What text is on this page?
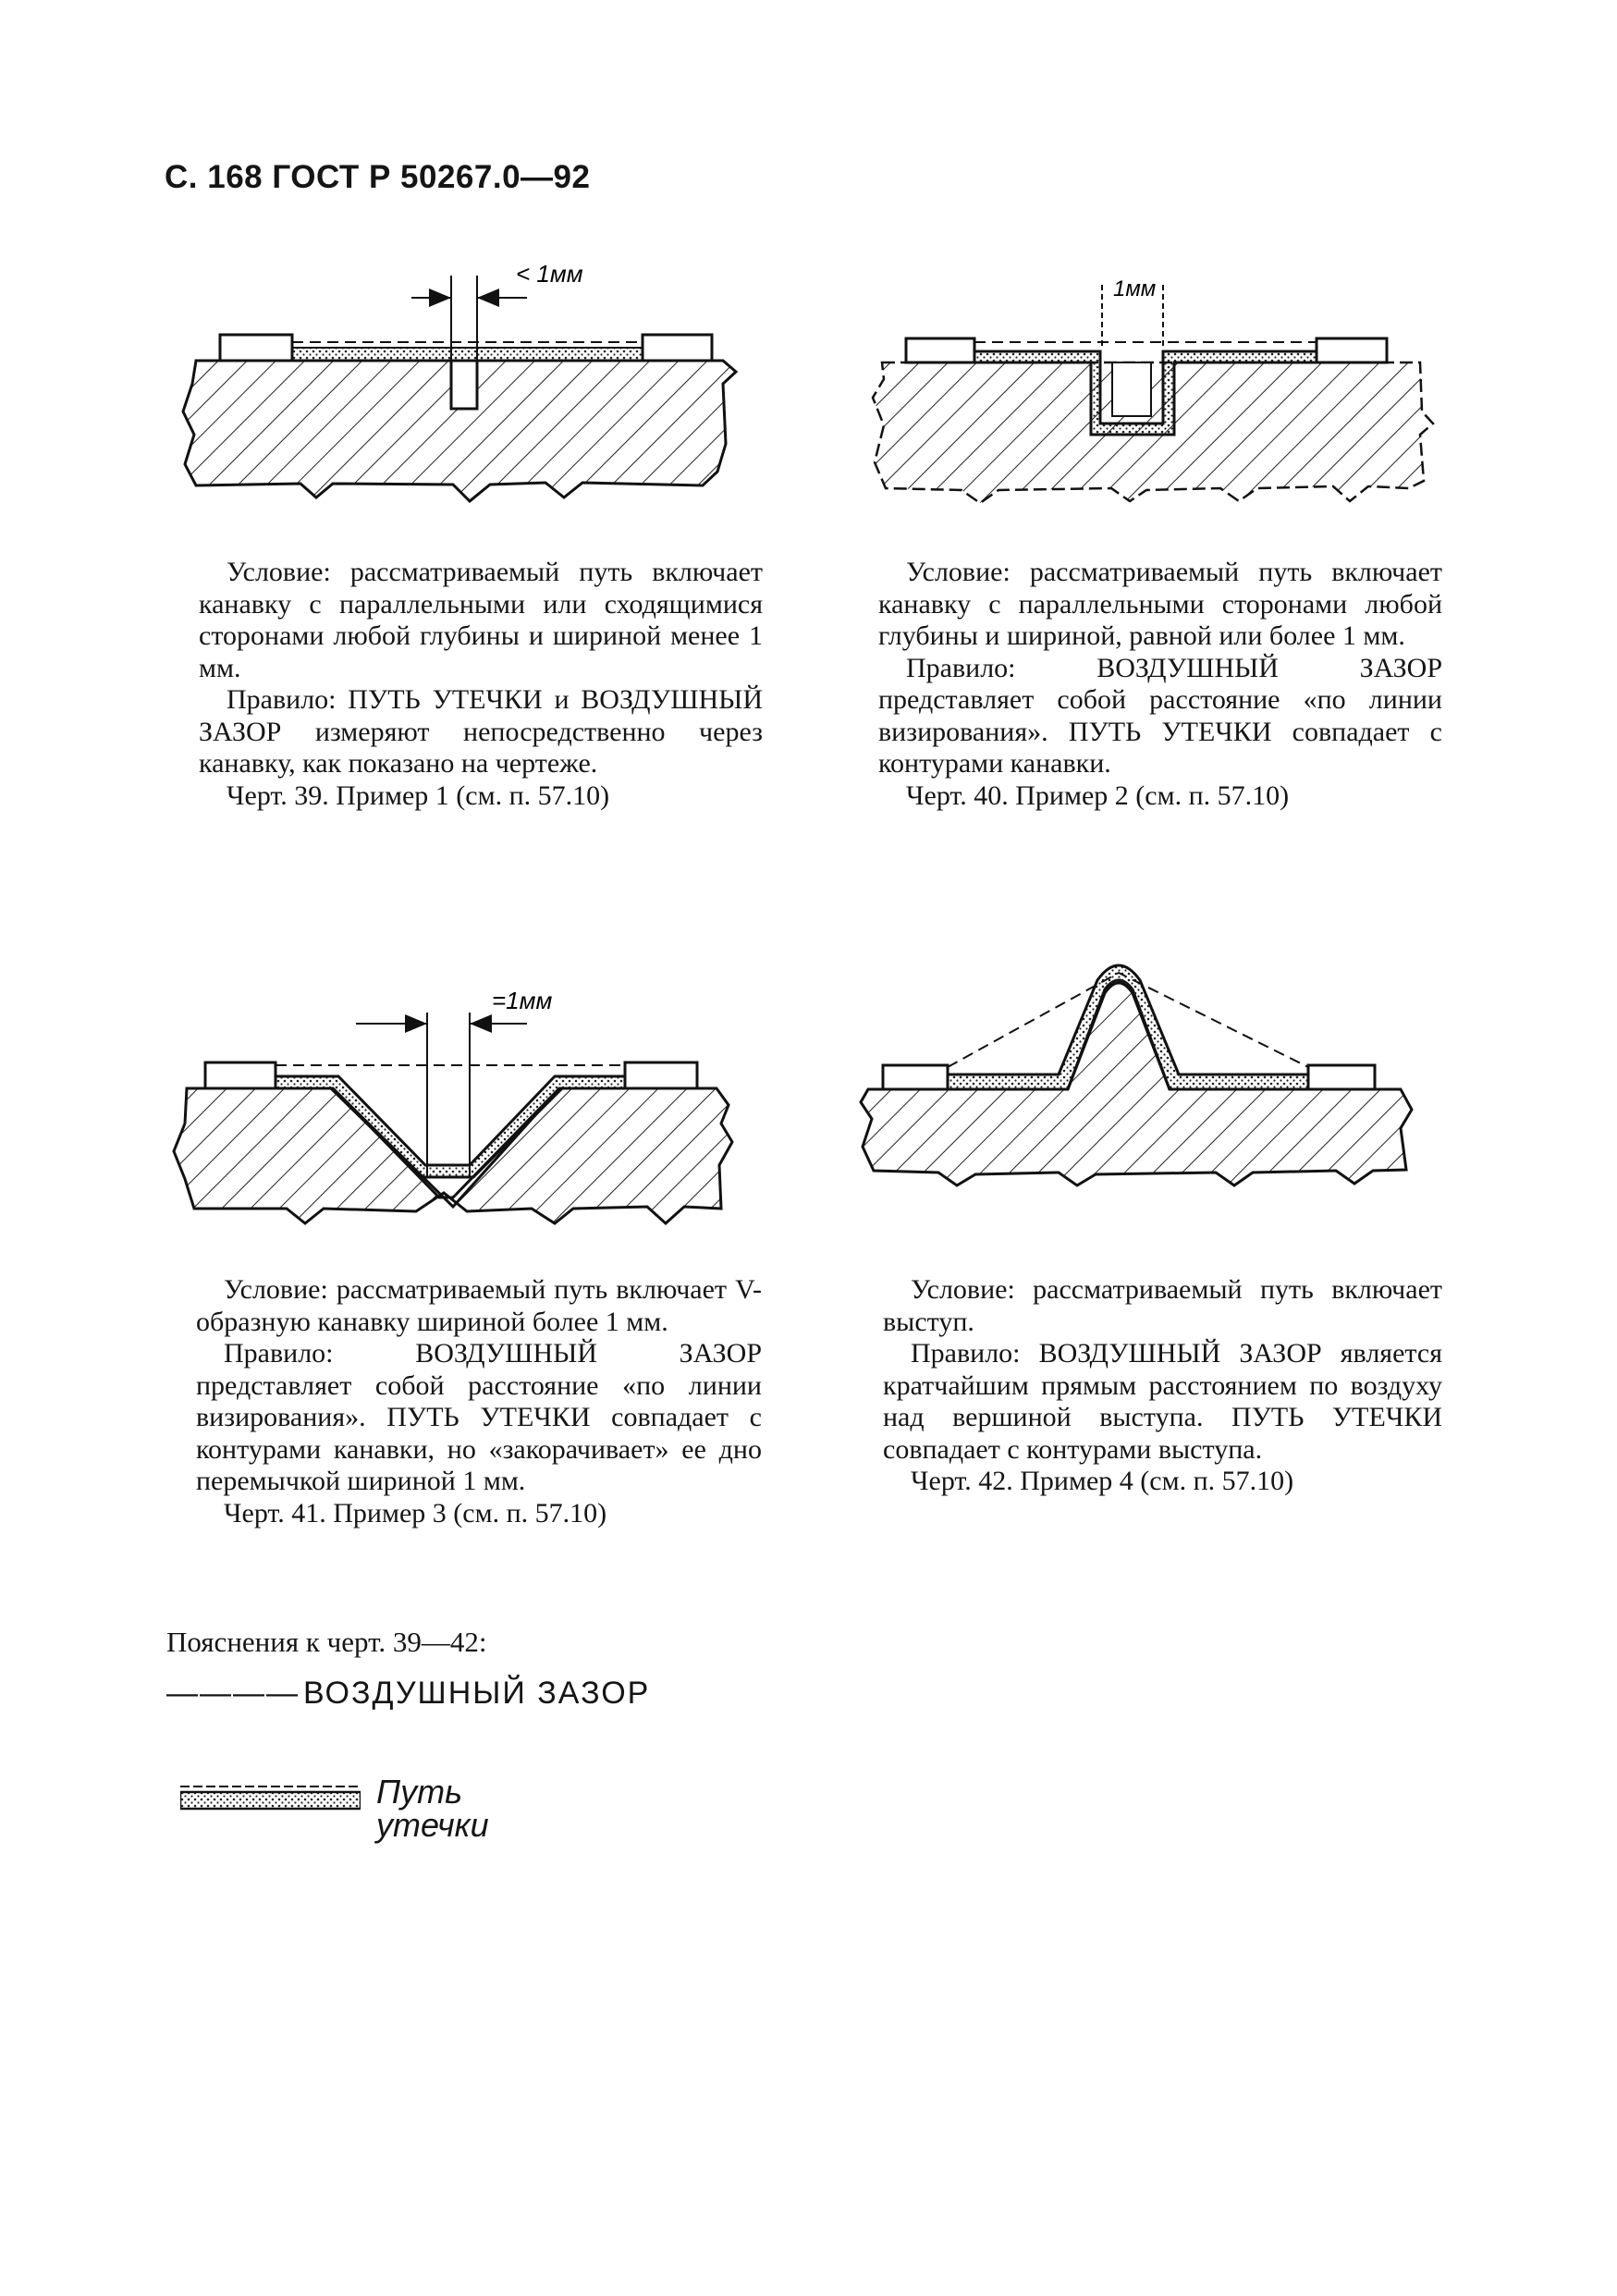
С. 168 ГОСТ Р 50267.0—92
< 1мм

Условие: рассматриваемый путь включает канавку с параллельными или сходящимися сторонами любой глубины и шириной менее 1 мм.

Правило: ПУТЬ УТЕЧКИ и ВОЗДУШНЫЙ ЗАЗОР измеряют непосредственно через канавку, как показано на чертеже.

Черт. 39. Пример 1 (см. п. 57.10)

1мм

Условие: рассматриваемый путь включает канавку с параллельными сторонами любой глубины и шириной, равной или более 1 мм.

Правило: ВОЗДУШНЫЙ ЗАЗОР представляет собой расстояние «по линии визирования». ПУТЬ УТЕЧКИ совпадает с контурами канавки.

Черт. 40. Пример 2 (см. п. 57.10)

=1мм

Условие: рассматриваемый путь включает V-образную канавку шириной более 1 мм.

Правило: ВОЗДУШНЫЙ ЗАЗОР представляет собой расстояние «по линии визирования». ПУТЬ УТЕЧКИ совпадает с контурами канавки, но «закорачивает» ее дно перемычкой шириной 1 мм.

Черт. 41. Пример 3 (см. п. 57.10)

Условие: рассматриваемый путь включает выступ.

Правило: ВОЗДУШНЫЙ ЗАЗОР является кратчайшим прямым расстоянием по воздуху над вершиной выступа. ПУТЬ УТЕЧКИ совпадает с контурами выступа.

Черт. 42. Пример 4 (см. п. 57.10)

Пояснения к черт. 39—42:
———— ВОЗДУШНЫЙ ЗАЗОР
Путь
утечки
